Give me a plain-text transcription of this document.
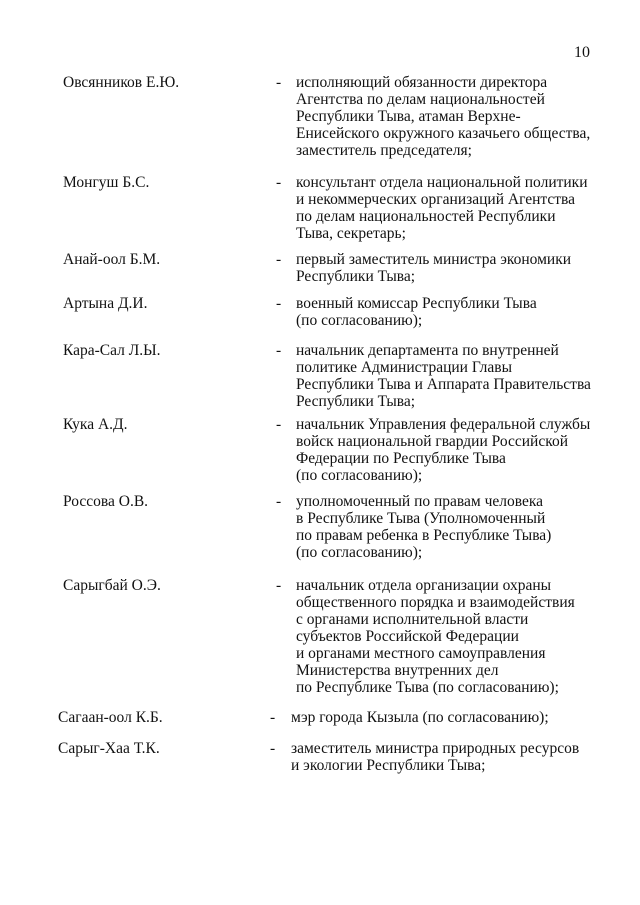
10
Овсянников Е.Ю.	- исполняющий обязанности директора
Агентства по делам национальностей
Республики Тыва, атаман Верхне-
Енисейского окружного казачьего общества,
заместитель председателя;
Монгуш Б.С.	- консультант отдела национальной политики
и некоммерческих организаций Агентства
по делам национальностей Республики
Тыва, секретарь;
Анай-оол Б.М.	- первый заместитель министра экономики
Республики Тыва;
Артына Д.И.	- военный комиссар Республики Тыва
(по согласованию);
Кара-Сал Л.Ы.	- начальник департамента по внутренней
политике Администрации Главы
Республики Тыва и Аппарата Правительства
Республики Тыва;
Кука А.Д.	- начальник Управления федеральной службы
войск национальной гвардии Российской
Федерации по Республике Тыва
(по согласованию);
Россова О.В.	- уполномоченный по правам человека
в Республике Тыва (Уполномоченный
по правам ребенка в Республике Тыва)
(по согласованию);
Сарыгбай О.Э.	- начальник отдела организации охраны
общественного порядка и взаимодействия
с органами исполнительной власти
субъектов Российской Федерации
и органами местного самоуправления
Министерства внутренних дел
по Республике Тыва (по согласованию);
Сагаан-оол К.Б.	- мэр города Кызыла (по согласованию);
Сарыг-Хаа Т.К.	- заместитель министра природных ресурсов
и экологии Республики Тыва;
